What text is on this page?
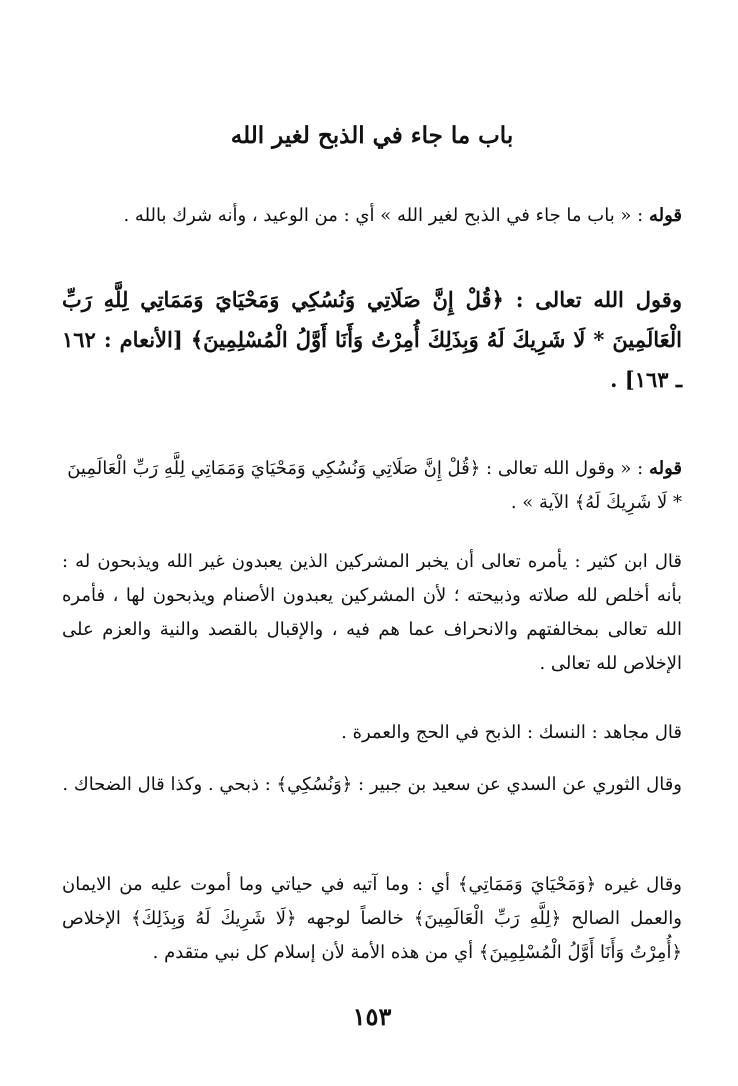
باب ما جاء في الذبح لغير الله
قوله : « باب ما جاء في الذبح لغير الله » أي : من الوعيد ، وأنه شرك بالله .
وقول الله تعالى : ﴿قُلْ إِنَّ صَلَاتِي وَنُسُكِي وَمَحْيَايَ وَمَمَاتِي لِلَّهِ رَبِّ الْعَالَمِينَ * لَا شَرِيكَ لَهُ وَبِذَلِكَ أُمِرْتُ وَأَنَا أَوَّلُ الْمُسْلِمِينَ﴾ [الأنعام : ١٦٢ ـ ١٦٣] .
قوله : « وقول الله تعالى : ﴿قُلْ إِنَّ صَلَاتِي وَنُسُكِي وَمَحْيَايَ وَمَمَاتِي لِلَّهِ رَبِّ الْعَالَمِينَ * لَا شَرِيكَ لَهُ﴾ الآية » .
قال ابن كثير : يأمره تعالى أن يخبر المشركين الذين يعبدون غير الله ويذبحون له : بأنه أخلص لله صلاته وذبيحته ؛ لأن المشركين يعبدون الأصنام ويذبحون لها ، فأمره الله تعالى بمخالفتهم والانحراف عما هم فيه ، والإقبال بالقصد والنية والعزم على الإخلاص لله تعالى .
قال مجاهد : النسك : الذبح في الحج والعمرة .
وقال الثوري عن السدي عن سعيد بن جبير : ﴿وَنُسُكِي﴾ : ذبحي . وكذا قال الضحاك .
وقال غيره ﴿وَمَحْيَايَ وَمَمَاتِي﴾ أي : وما آتيه في حياتي وما أموت عليه من الايمان والعمل الصالح ﴿لِلَّهِ رَبِّ الْعَالَمِينَ﴾ خالصاً لوجهه ﴿لَا شَرِيكَ لَهُ وَبِذَلِكَ﴾ الإخلاص ﴿أُمِرْتُ وَأَنَا أَوَّلُ الْمُسْلِمِينَ﴾ أي من هذه الأمة لأن إسلام كل نبي متقدم .
١٥٣
